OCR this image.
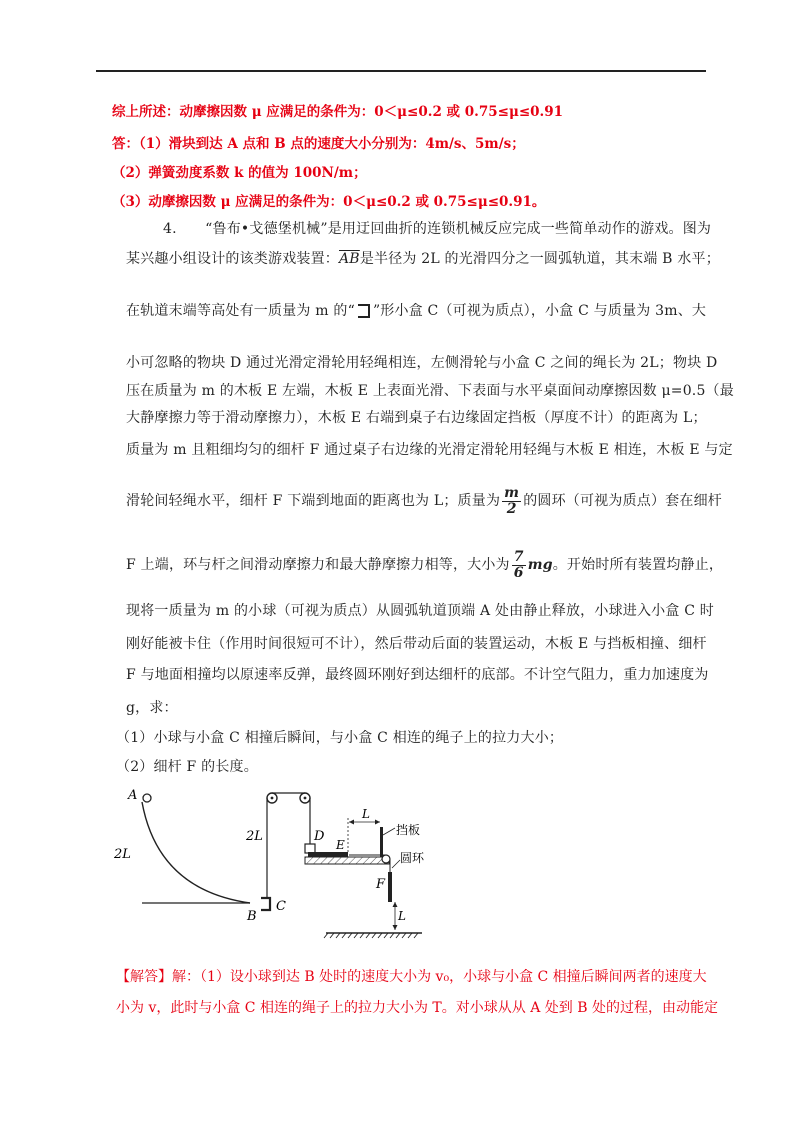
综上所述：动摩擦因数 μ 应满足的条件为：0＜μ≤0.2 或 0.75≤μ≤0.91
答：（1）滑块到达 A 点和 B 点的速度大小分别为：4m/s、5m/s；
（2）弹簧劲度系数 k 的值为 100N/m；
（3）动摩擦因数 μ 应满足的条件为：0＜μ≤0.2 或 0.75≤μ≤0.91。
4.　　“鲁布•戈德堡机械”是用迂回曲折的连锁机械反应完成一些简单动作的游戏。图为
某兴趣小组设计的该类游戏装置：$\overline{AB}$是半径为 2L 的光滑四分之一圆弧轨道，其末端 B 水平；
在轨道末端等高处有一质量为 m 的“ ”形小盒 C（可视为质点），小盒 C 与质量为 3m、大
小可忽略的物块 D 通过光滑定滑轮用轻绳相连，左侧滑轮与小盒 C 之间的绳长为 2L；物块 D
压在质量为 m 的木板 E 左端，木板 E 上表面光滑、下表面与水平桌面间动摩擦因数 μ=0.5（最
大静摩擦力等于滑动摩擦力），木板 E 右端到桌子右边缘固定挡板（厚度不计）的距离为 L；
质量为 m 且粗细均匀的细杆 F 通过桌子右边缘的光滑定滑轮用轻绳与木板 E 相连，木板 E 与定
滑轮间轻绳水平，细杆 F 下端到地面的距离也为 L；质量为 $\frac{m}{2}$ 的圆环（可视为质点）套在细杆
F 上端，环与杆之间滑动摩擦力和最大静摩擦力相等，大小为 $\frac{7}{6}$ mg。开始时所有装置均静止，
现将一质量为 m 的小球（可视为质点）从圆弧轨道顶端 A 处由静止释放，小球进入小盒 C 时
刚好能被卡住（作用时间很短可不计），然后带动后面的装置运动，木板 E 与挡板相撞、细杆
F 与地面相撞均以原速率反弹，最终圆环刚好到达细杆的底部。不计空气阻力，重力加速度为
g，求：
（1）小球与小盒 C 相撞后瞬间，与小盒 C 相连的绳子上的拉力大小；
（2）细杆 F 的长度。
A
2L
B
C
2L	D
E
L
挡板
圆环
F
L
【解答】解：（1）设小球到达 B 处时的速度大小为 v₀，小球与小盒 C 相撞后瞬间两者的速度大
小为 v，此时与小盒 C 相连的绳子上的拉力大小为 T。对小球从从 A 处到 B 处的过程，由动能定
